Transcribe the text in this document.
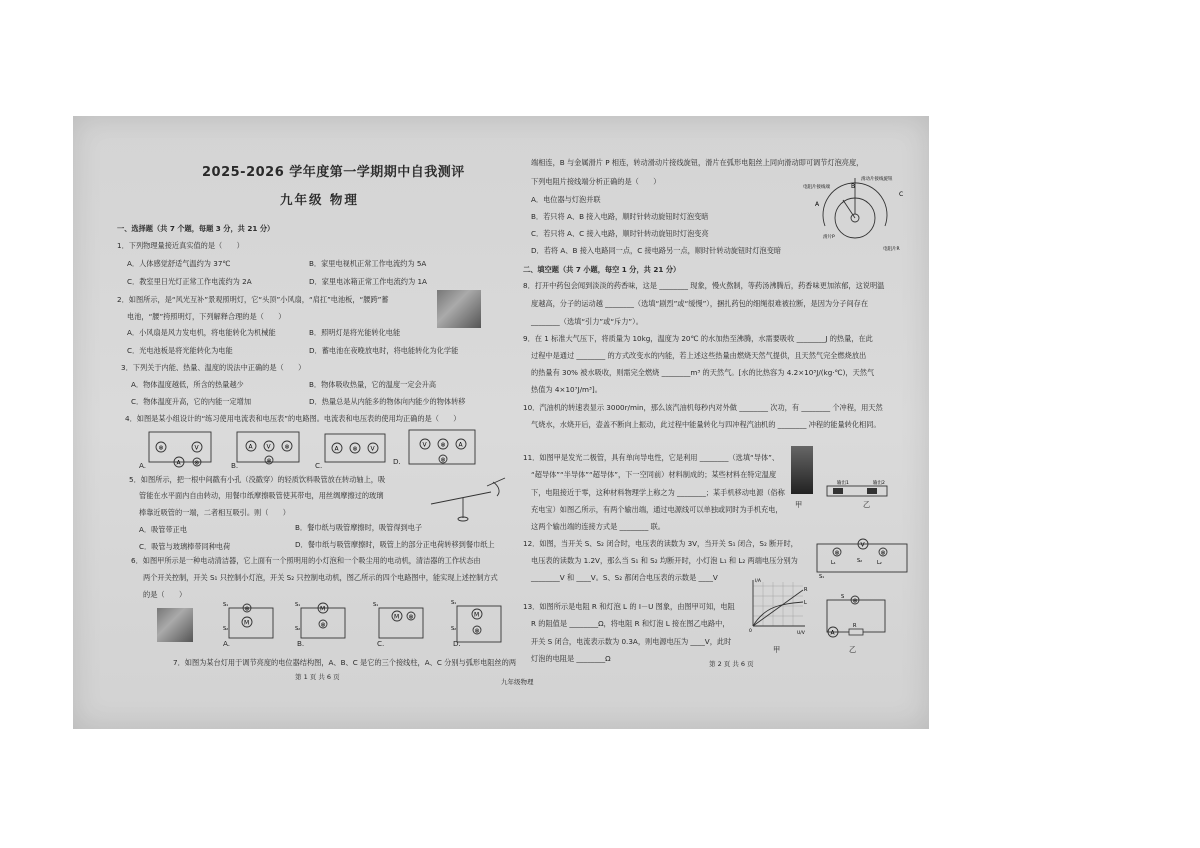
2025-2026 学年度第一学期期中自我测评
九年级 物理
一、选择题（共 7 个题，每题 3 分，共 21 分）
1．下列物理量接近真实值的是（　　）
A．人体感觉舒适气温约为 37℃	B．家里电视机正常工作电流约为 5A
C．教室里日光灯正常工作电流约为 2A	D．家里电冰箱正常工作电流约为 1A
2．如图所示，是“风光互补”景观照明灯，它“头顶”小风扇，“肩扛”电池板，“腰跨”蓄
电池，“腰”挎照明灯，下列解释合理的是（　　）
A．小风扇是风力发电机，将电能转化为机械能	B．照明灯是将光能转化电能
C．光电池板是将光能转化为电能	D．蓄电池在夜晚放电时，将电能转化为化学能
3．下列关于内能、热量、温度的说法中正确的是（　　）
A．物体温度越低，所含的热量越少	B．物体吸收热量，它的温度一定会升高
C．物体温度升高，它的内能一定增加	D．热量总是从内能多的物体向内能少的物体转移
4．如图是某小组设计的“练习使用电流表和电压表”的电路图。电流表和电压表的使用均正确的是（　　）
⊗	V
A ⊗
A V ⊗
⊗
A ⊗ V
V ⊗ A
⊗
A.	B.	C.	D.
5．如图所示，把一根中间戳有小孔（没戳穿）的轻质饮料吸管放在转动轴上，吸
管能在水平面内自由转动，用餐巾纸摩擦吸管使其带电，用丝绸摩擦过的玻璃
棒靠近吸管的一端，二者相互吸引。则（　　）
A．吸管带正电	B．餐巾纸与吸管摩擦时，吸管得到电子
C．吸管与玻璃棒带同种电荷	D．餐巾纸与吸管摩擦时，吸管上的部分正电荷转移到餐巾纸上
6．如图甲所示是一种电动清洁器，它上面有一个照明用的小灯泡和一个吸尘用的电动机，清洁器的工作状态由
两个开关控制，开关 S₁ 只控制小灯泡，开关 S₂ 只控制电动机，图乙所示的四个电路图中，能实现上述控制方式
的是（　　）
⊗
M
S₁
S₂
M
⊗
S₁
S₂
M ⊗
S₁
M
⊗
S₁
S₂
A.	B.	C.	D.
7．如图为某台灯用于调节亮度的电位器结构图，A、B、C 是它的三个接线柱，A、C 分别与弧形电阻丝的两
第 1 页 共 6 页
端相连，B 与金属滑片 P 相连，转动滑动片接线旋钮，滑片在弧形电阻丝上同向滑动即可调节灯泡亮度，
下列电阻片接线端分析正确的是（　　）
A．电位器与灯泡并联
B．若只将 A、B 接入电路，顺时针转动旋钮时灯泡变暗
C．若只将 A、C 接入电路，顺时针转动旋钮时灯泡变亮
D．若将 A、B 接入电路同一点，C 接电路另一点，顺时针转动旋钮时灯泡变暗
电阻片接线端
滑动片接线旋钮
A
B
C
滑片P
电阻片R
二、填空题（共 7 小题，每空 1 分，共 21 分）
8．打开中药包会闻到淡淡的药香味，这是 ________ 现象，慢火熬制，等药汤沸腾后，药香味更加浓郁，这说明温
度越高，分子的运动越 ________（选填“剧烈”或“缓慢”），捆扎药包的细绳很难被拉断，是因为分子间存在
________（选填“引力”或“斥力”）。
9．在 1 标准大气压下，将质量为 10kg，温度为 20℃ 的水加热至沸腾，水需要吸收 ________J 的热量，在此
过程中是通过 ________ 的方式改变水的内能，若上述这些热量由燃烧天然气提供，且天然气完全燃烧放出
的热量有 30% 被水吸收，则需完全燃烧 ________m³ 的天然气。[水的比热容为 4.2×10³J/(kg·℃)，天然气
热值为 4×10⁷J/m³]。
10．汽油机的转速表显示 3000r/min，那么该汽油机每秒内对外做 ________ 次功，有 ________ 个冲程，用天然
气烧水，水烧开后，壶盖不断向上振动，此过程中能量转化与四冲程汽油机的 ________ 冲程的能量转化相同。
11．如图甲是发光二极管，具有单向导电性，它是利用 ________（选填“导体”、
“超导体”“半导体”“超导体”，下一空同前）材料制成的；某些材料在特定温度
下，电阻接近于零，这种材料物理学上称之为 ________；某手机移动电源（俗称
充电宝）如图乙所示，有两个输出端，通过电源线可以单独或同时为手机充电，
这两个输出端的连接方式是 ________ 联。
输出1	输出2
甲	乙
12．如图，当开关 S、S₂ 闭合时，电压表的读数为 3V，当开关 S₁ 闭合，S₂ 断开时，
电压表的读数为 1.2V，那么当 S₁ 和 S₂ 均断开时，小灯泡 L₁ 和 L₂ 两端电压分别为
________V 和 ____V。S、S₂ 都闭合电压表的示数是 ____V
⊗
V
⊗
L₁	L₂
S₂
S₁
13．如图所示是电阻 R 和灯泡 L 的 I－U 图象，由图甲可知，电阻
R 的阻值是 ________Ω，将电阻 R 和灯泡 L 接在图乙电路中，
开关 S 闭合，电流表示数为 0.3A，则电源电压为 ____V，此时
灯泡的电阻是 ________Ω
I/A
U/V
R
L
0
甲
⊗
A
R
S
乙
第 2 页 共 6 页
九年级物理
